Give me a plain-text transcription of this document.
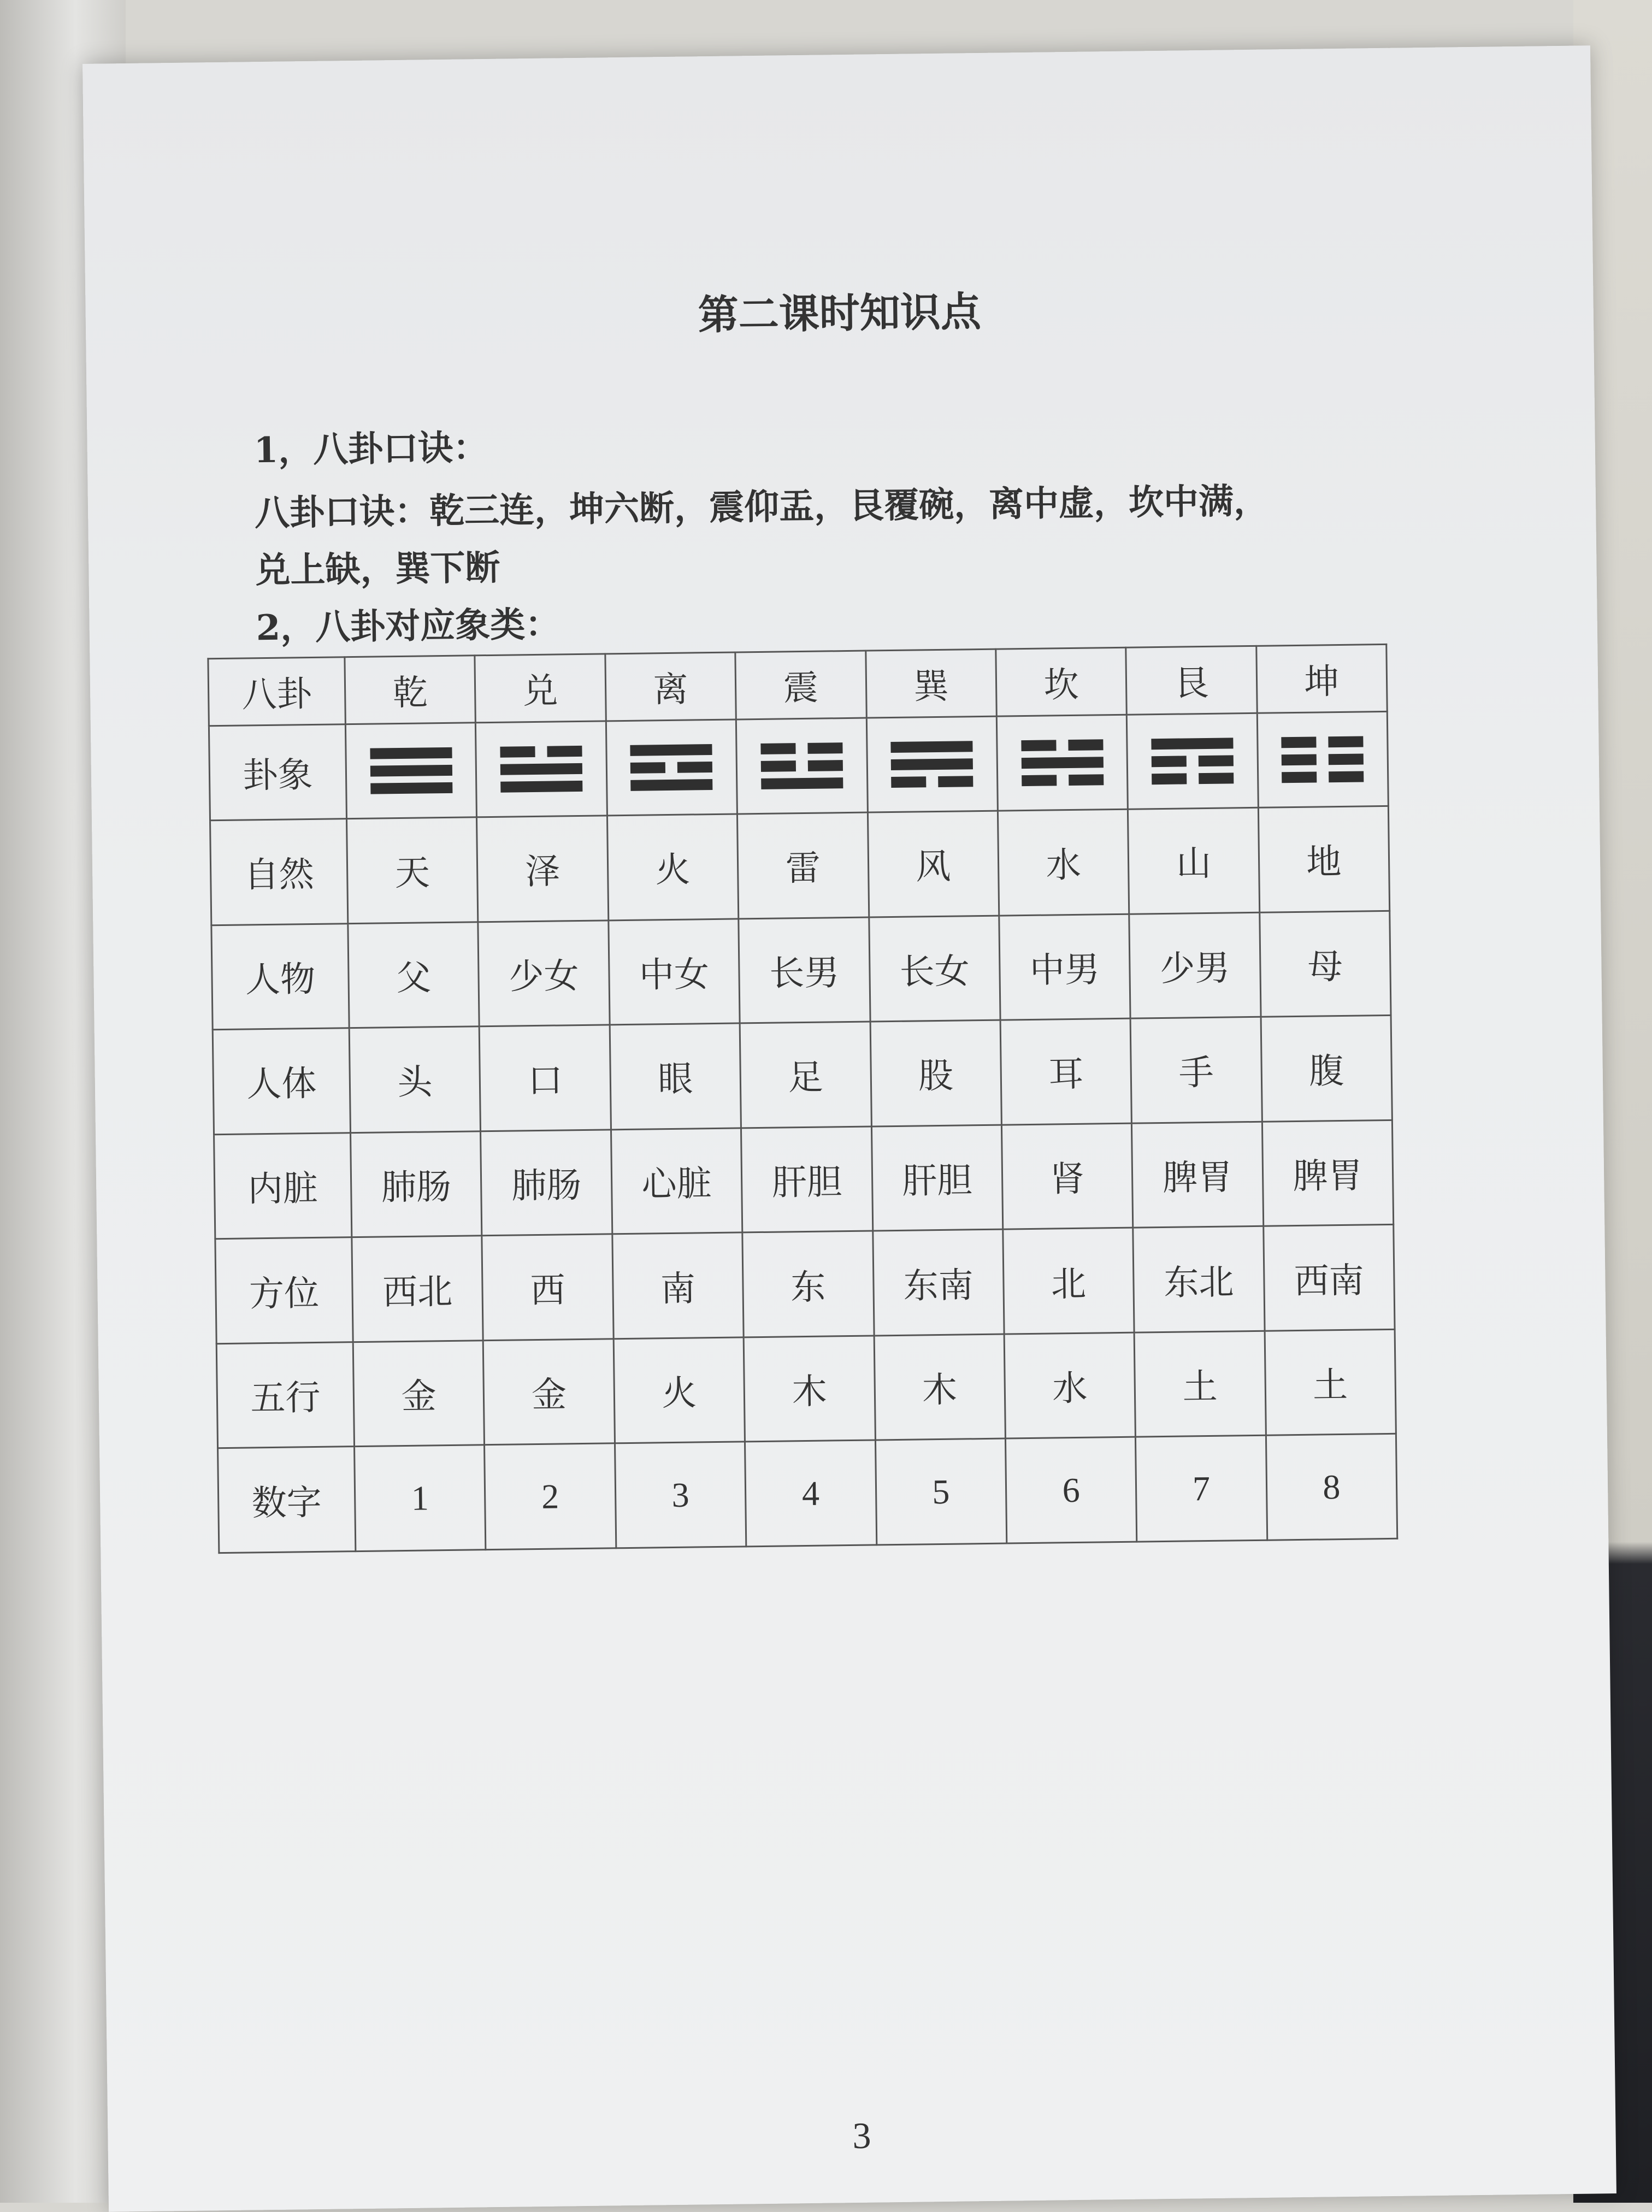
第二课时知识点
1，八卦口诀：
八卦口诀：乾三连，坤六断，震仰盂，艮覆碗，离中虚，坎中满，
兑上缺，巽下断
2，八卦对应象类：
八卦	乾	兑	离	震	巽	坎	艮	坤
卦象	

自然	天	泽	火	雷	风	水	山	地
人物	父	少女	中女	长男	长女	中男	少男	母
人体	头	口	眼	足	股	耳	手	腹
内脏	肺肠	肺肠	心脏	肝胆	肝胆	肾	脾胃	脾胃
方位	西北	西	南	东	东南	北	东北	西南
五行	金	金	火	木	木	水	土	土
数字	1	2	3	4	5	6	7	8
3
